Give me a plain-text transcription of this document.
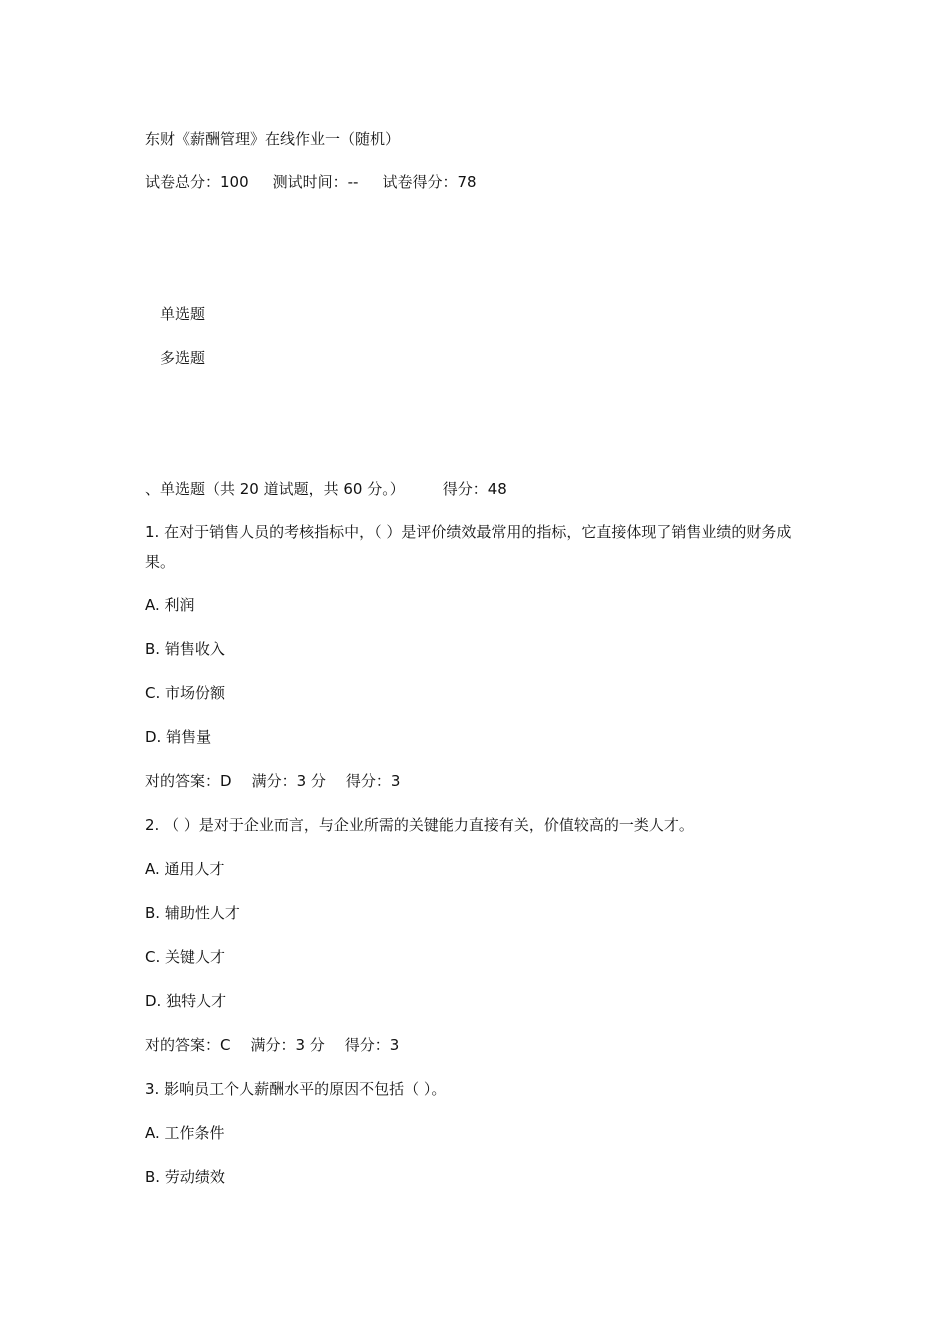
东财《薪酬管理》在线作业一（随机）
试卷总分：100 测试时间：-- 试卷得分：78
单选题
多选题
、单选题（共 20 道试题，共 60 分。）	得分：48
1. 在对于销售人员的考核指标中，（ ）是评价绩效最常用的指标，它直接体现了销售业绩的财务成果。
A. 利润
B. 销售收入
C. 市场份额
D. 销售量
对的答案：D 满分：3 分 得分：3
2. （ ）是对于企业而言，与企业所需的关键能力直接有关，价值较高的一类人才。
A. 通用人才
B. 辅助性人才
C. 关键人才
D. 独特人才
对的答案：C 满分：3 分 得分：3
3. 影响员工个人薪酬水平的原因不包括（ ）。
A. 工作条件
B. 劳动绩效
